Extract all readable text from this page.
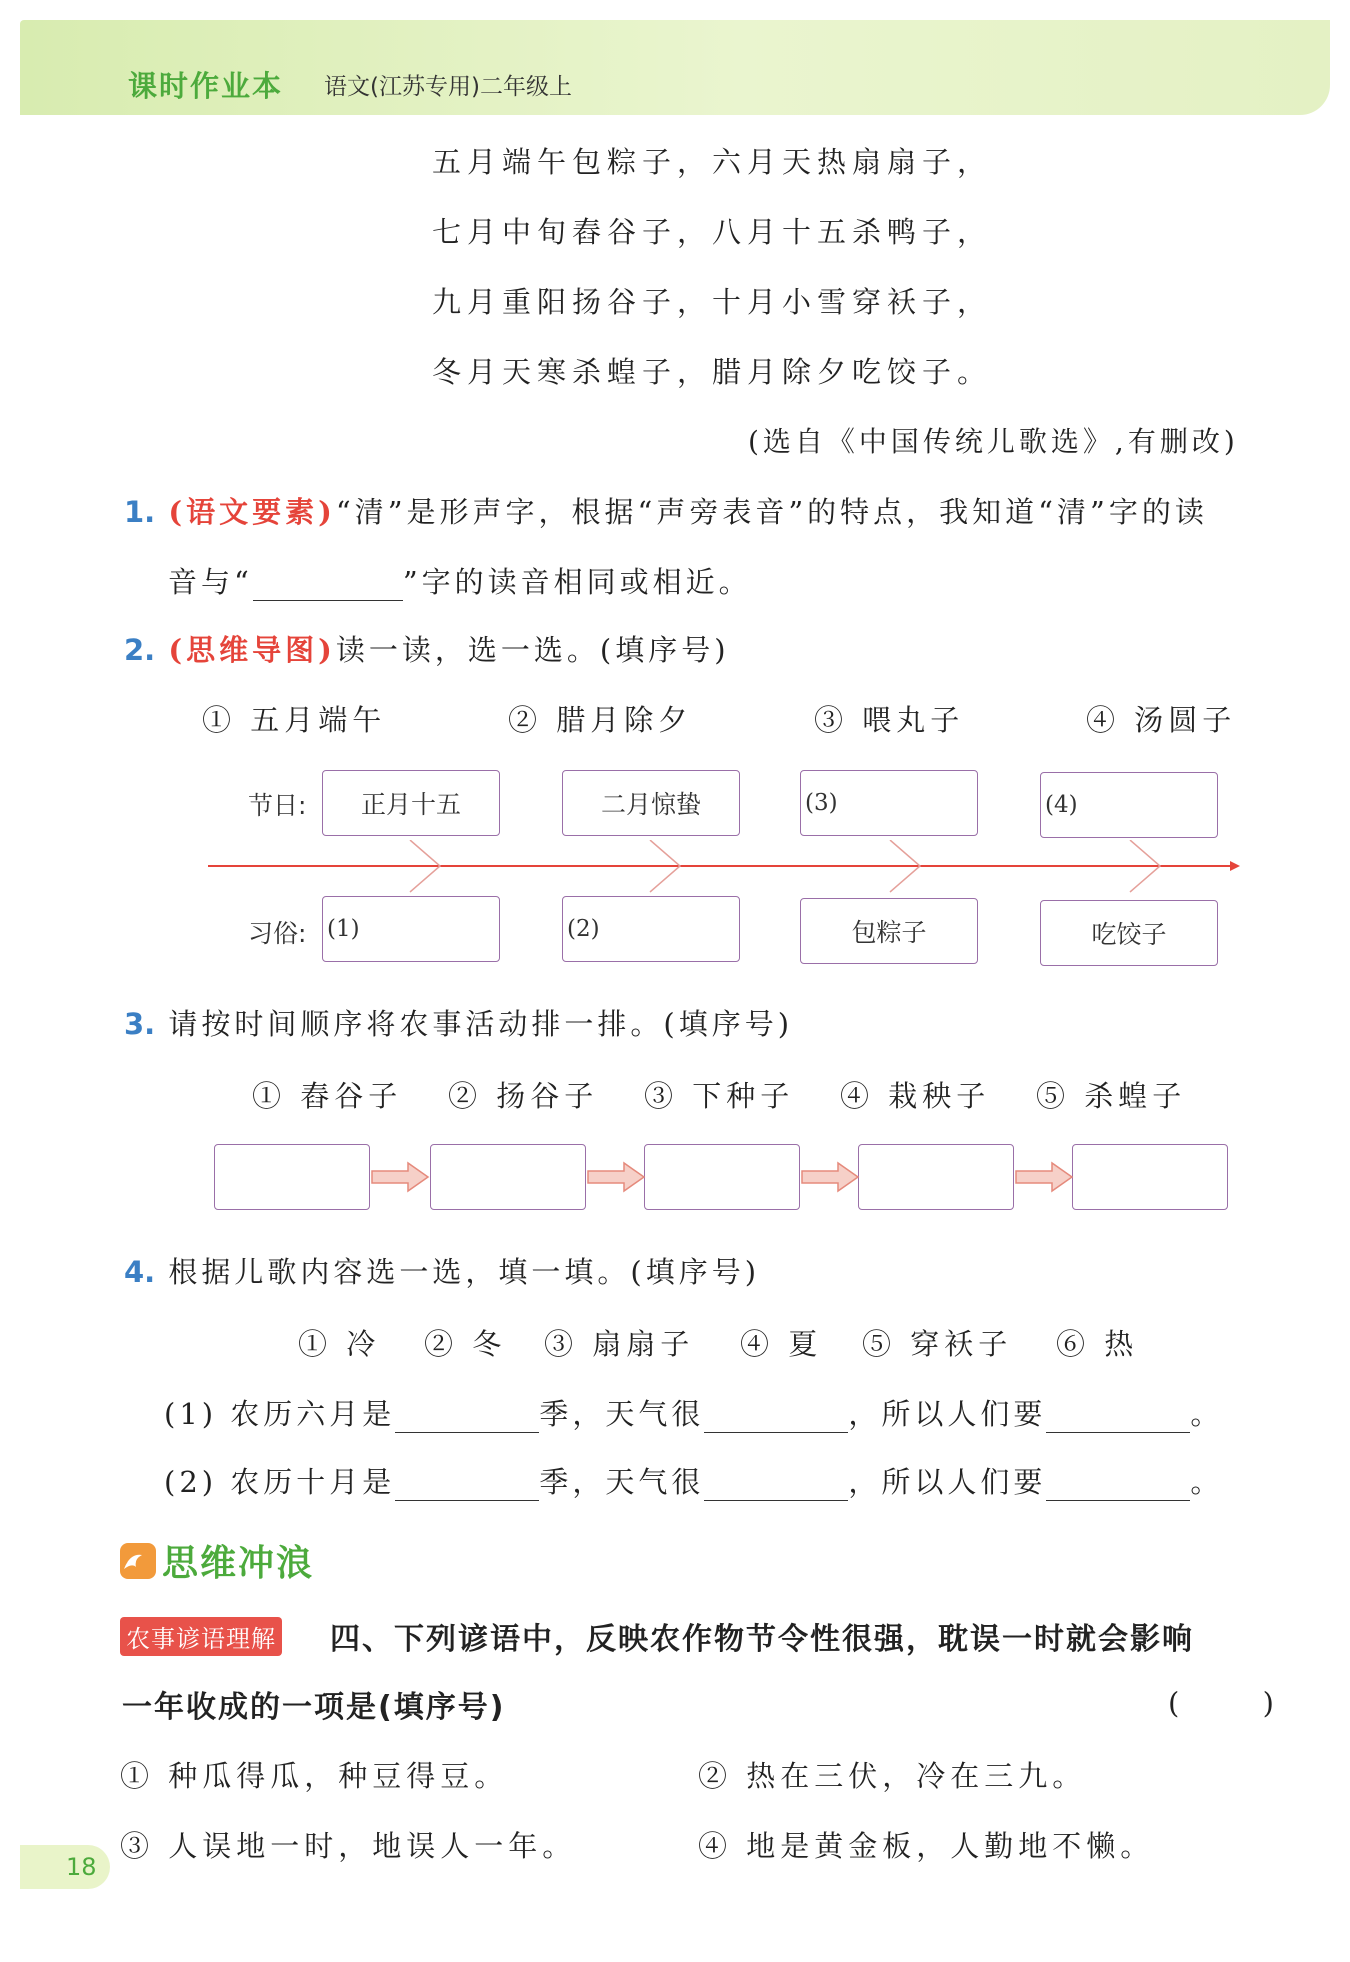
课时作业本 语文(江苏专用)二年级上
五月端午包粽子，六月天热扇扇子，
七月中旬舂谷子，八月十五杀鸭子，
九月重阳扬谷子，十月小雪穿袄子，
冬月天寒杀蝗子，腊月除夕吃饺子。
(选自《中国传统儿歌选》,有删改)
1. (语文要素)“清”是形声字，根据“声旁表音”的特点，我知道“清”字的读
音与“	”字的读音相同或相近。
2. (思维导图)读一读，选一选。(填序号)
① 五月端午	② 腊月除夕	③ 喂丸子	④ 汤圆子
节日:
习俗:
正月十五	二月惊蛰	(3)	(4)
(1)	(2)	包粽子	吃饺子
3. 请按时间顺序将农事活动排一排。(填序号)
① 舂谷子 ② 扬谷子 ③ 下种子 ④ 栽秧子 ⑤ 杀蝗子
4. 根据儿歌内容选一选，填一填。(填序号)
① 冷 ② 冬 ③ 扇扇子 ④ 夏 ⑤ 穿袄子 ⑥ 热
(1) 农历六月是	季，天气很	，所以人们要	。
(2) 农历十月是	季，天气很	，所以人们要	。
思维冲浪
农事谚语理解 四、下列谚语中，反映农作物节令性很强，耽误一时就会影响
一年收成的一项是(填序号)	(      )
① 种瓜得瓜，种豆得豆。	② 热在三伏，冷在三九。
③ 人误地一时，地误人一年。	④ 地是黄金板，人勤地不懒。
18
